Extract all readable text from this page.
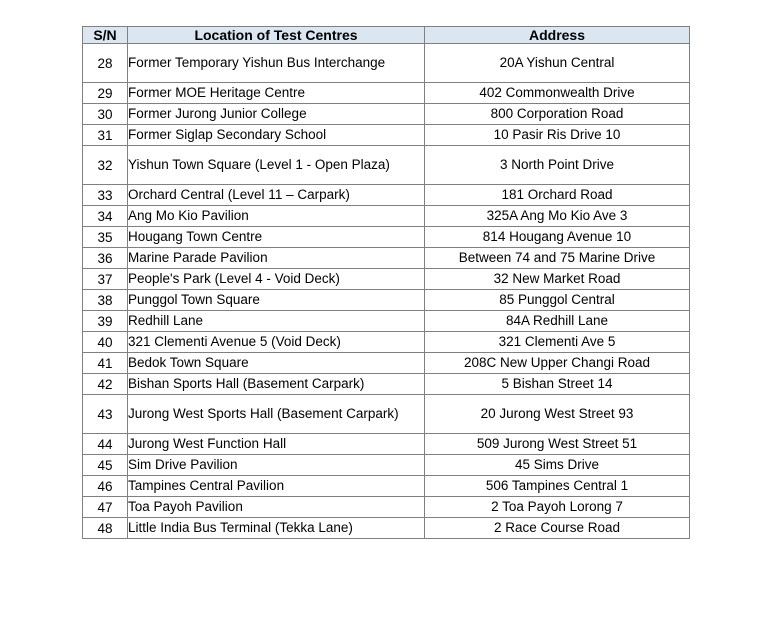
S/N	Location of Test Centres	Address
28	Former Temporary Yishun Bus Interchange	20A Yishun Central
29	Former MOE Heritage Centre	402 Commonwealth Drive
30	Former Jurong Junior College	800 Corporation Road
31	Former Siglap Secondary School	10 Pasir Ris Drive 10
32	Yishun Town Square (Level 1 - Open Plaza)	3 North Point Drive
33	Orchard Central (Level 11 – Carpark)	181 Orchard Road
34	Ang Mo Kio Pavilion	325A Ang Mo Kio Ave 3
35	Hougang Town Centre	814 Hougang Avenue 10
36	Marine Parade Pavilion	Between 74 and 75 Marine Drive
37	People's Park (Level 4 - Void Deck)	32 New Market Road
38	Punggol Town Square	85 Punggol Central
39	Redhill Lane	84A Redhill Lane
40	321 Clementi Avenue 5 (Void Deck)	321 Clementi Ave 5
41	Bedok Town Square	208C New Upper Changi Road
42	Bishan Sports Hall (Basement Carpark)	5 Bishan Street 14
43	Jurong West Sports Hall (Basement Carpark)	20 Jurong West Street 93
44	Jurong West Function Hall	509 Jurong West Street 51
45	Sim Drive Pavilion	45 Sims Drive
46	Tampines Central Pavilion	506 Tampines Central 1
47	Toa Payoh Pavilion	2 Toa Payoh Lorong 7
48	Little India Bus Terminal (Tekka Lane)	2 Race Course Road
